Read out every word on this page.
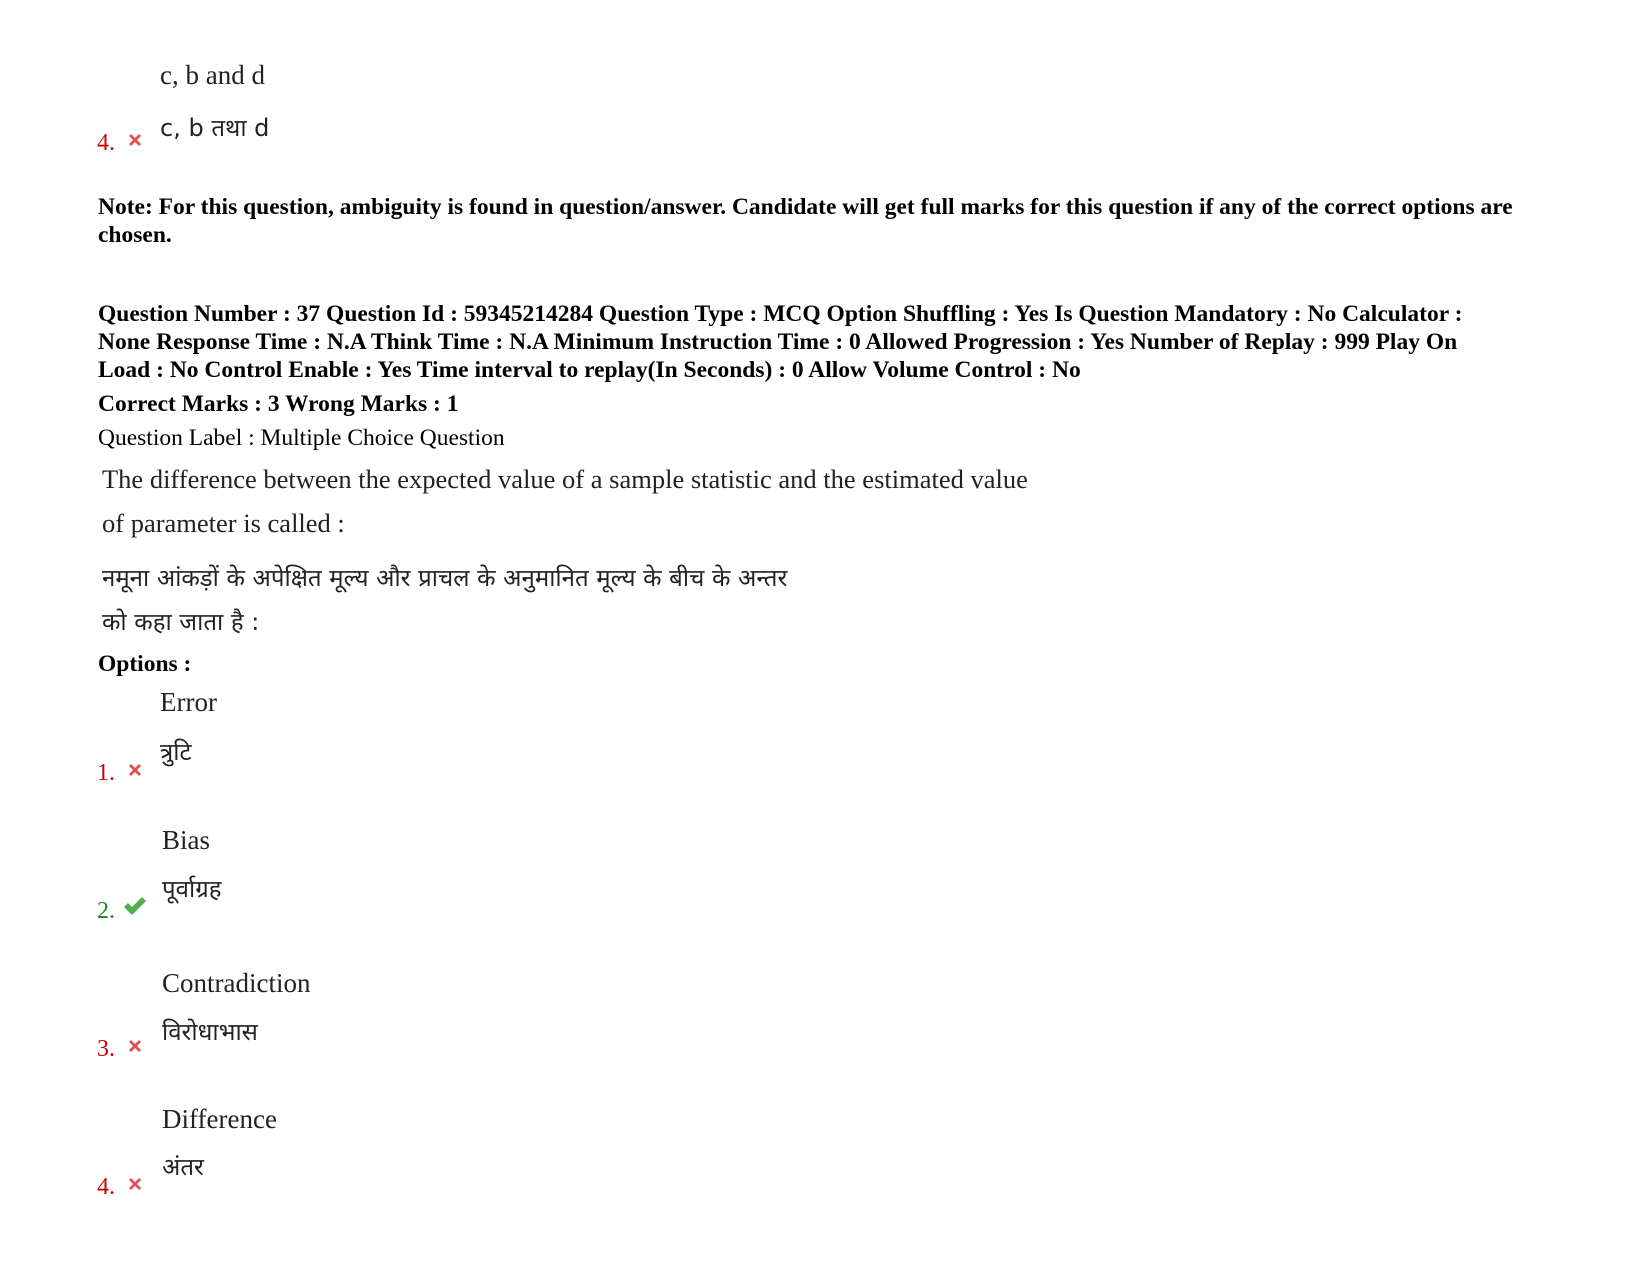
c, b and d
c, b तथा d
4.
Note: For this question, ambiguity is found in question/answer. Candidate will get full marks for this question if any of the correct options are chosen.
Question Number : 37 Question Id : 59345214284 Question Type : MCQ Option Shuffling : Yes Is Question Mandatory : No Calculator :
None Response Time : N.A Think Time : N.A Minimum Instruction Time : 0 Allowed Progression : Yes Number of Replay : 999 Play On
Load : No Control Enable : Yes Time interval to replay(In Seconds) : 0 Allow Volume Control : No
Correct Marks : 3 Wrong Marks : 1
Question Label : Multiple Choice Question
The difference between the expected value of a sample statistic and the estimated value
of parameter is called :
नमूना आंकड़ों के अपेक्षित मूल्य और प्राचल के अनुमानित मूल्य के बीच के अन्तर
को कहा जाता है :
Options :
Error
त्रुटि
1.
Bias
पूर्वाग्रह
2.
Contradiction
विरोधाभास
3.
Difference
अंतर
4.
